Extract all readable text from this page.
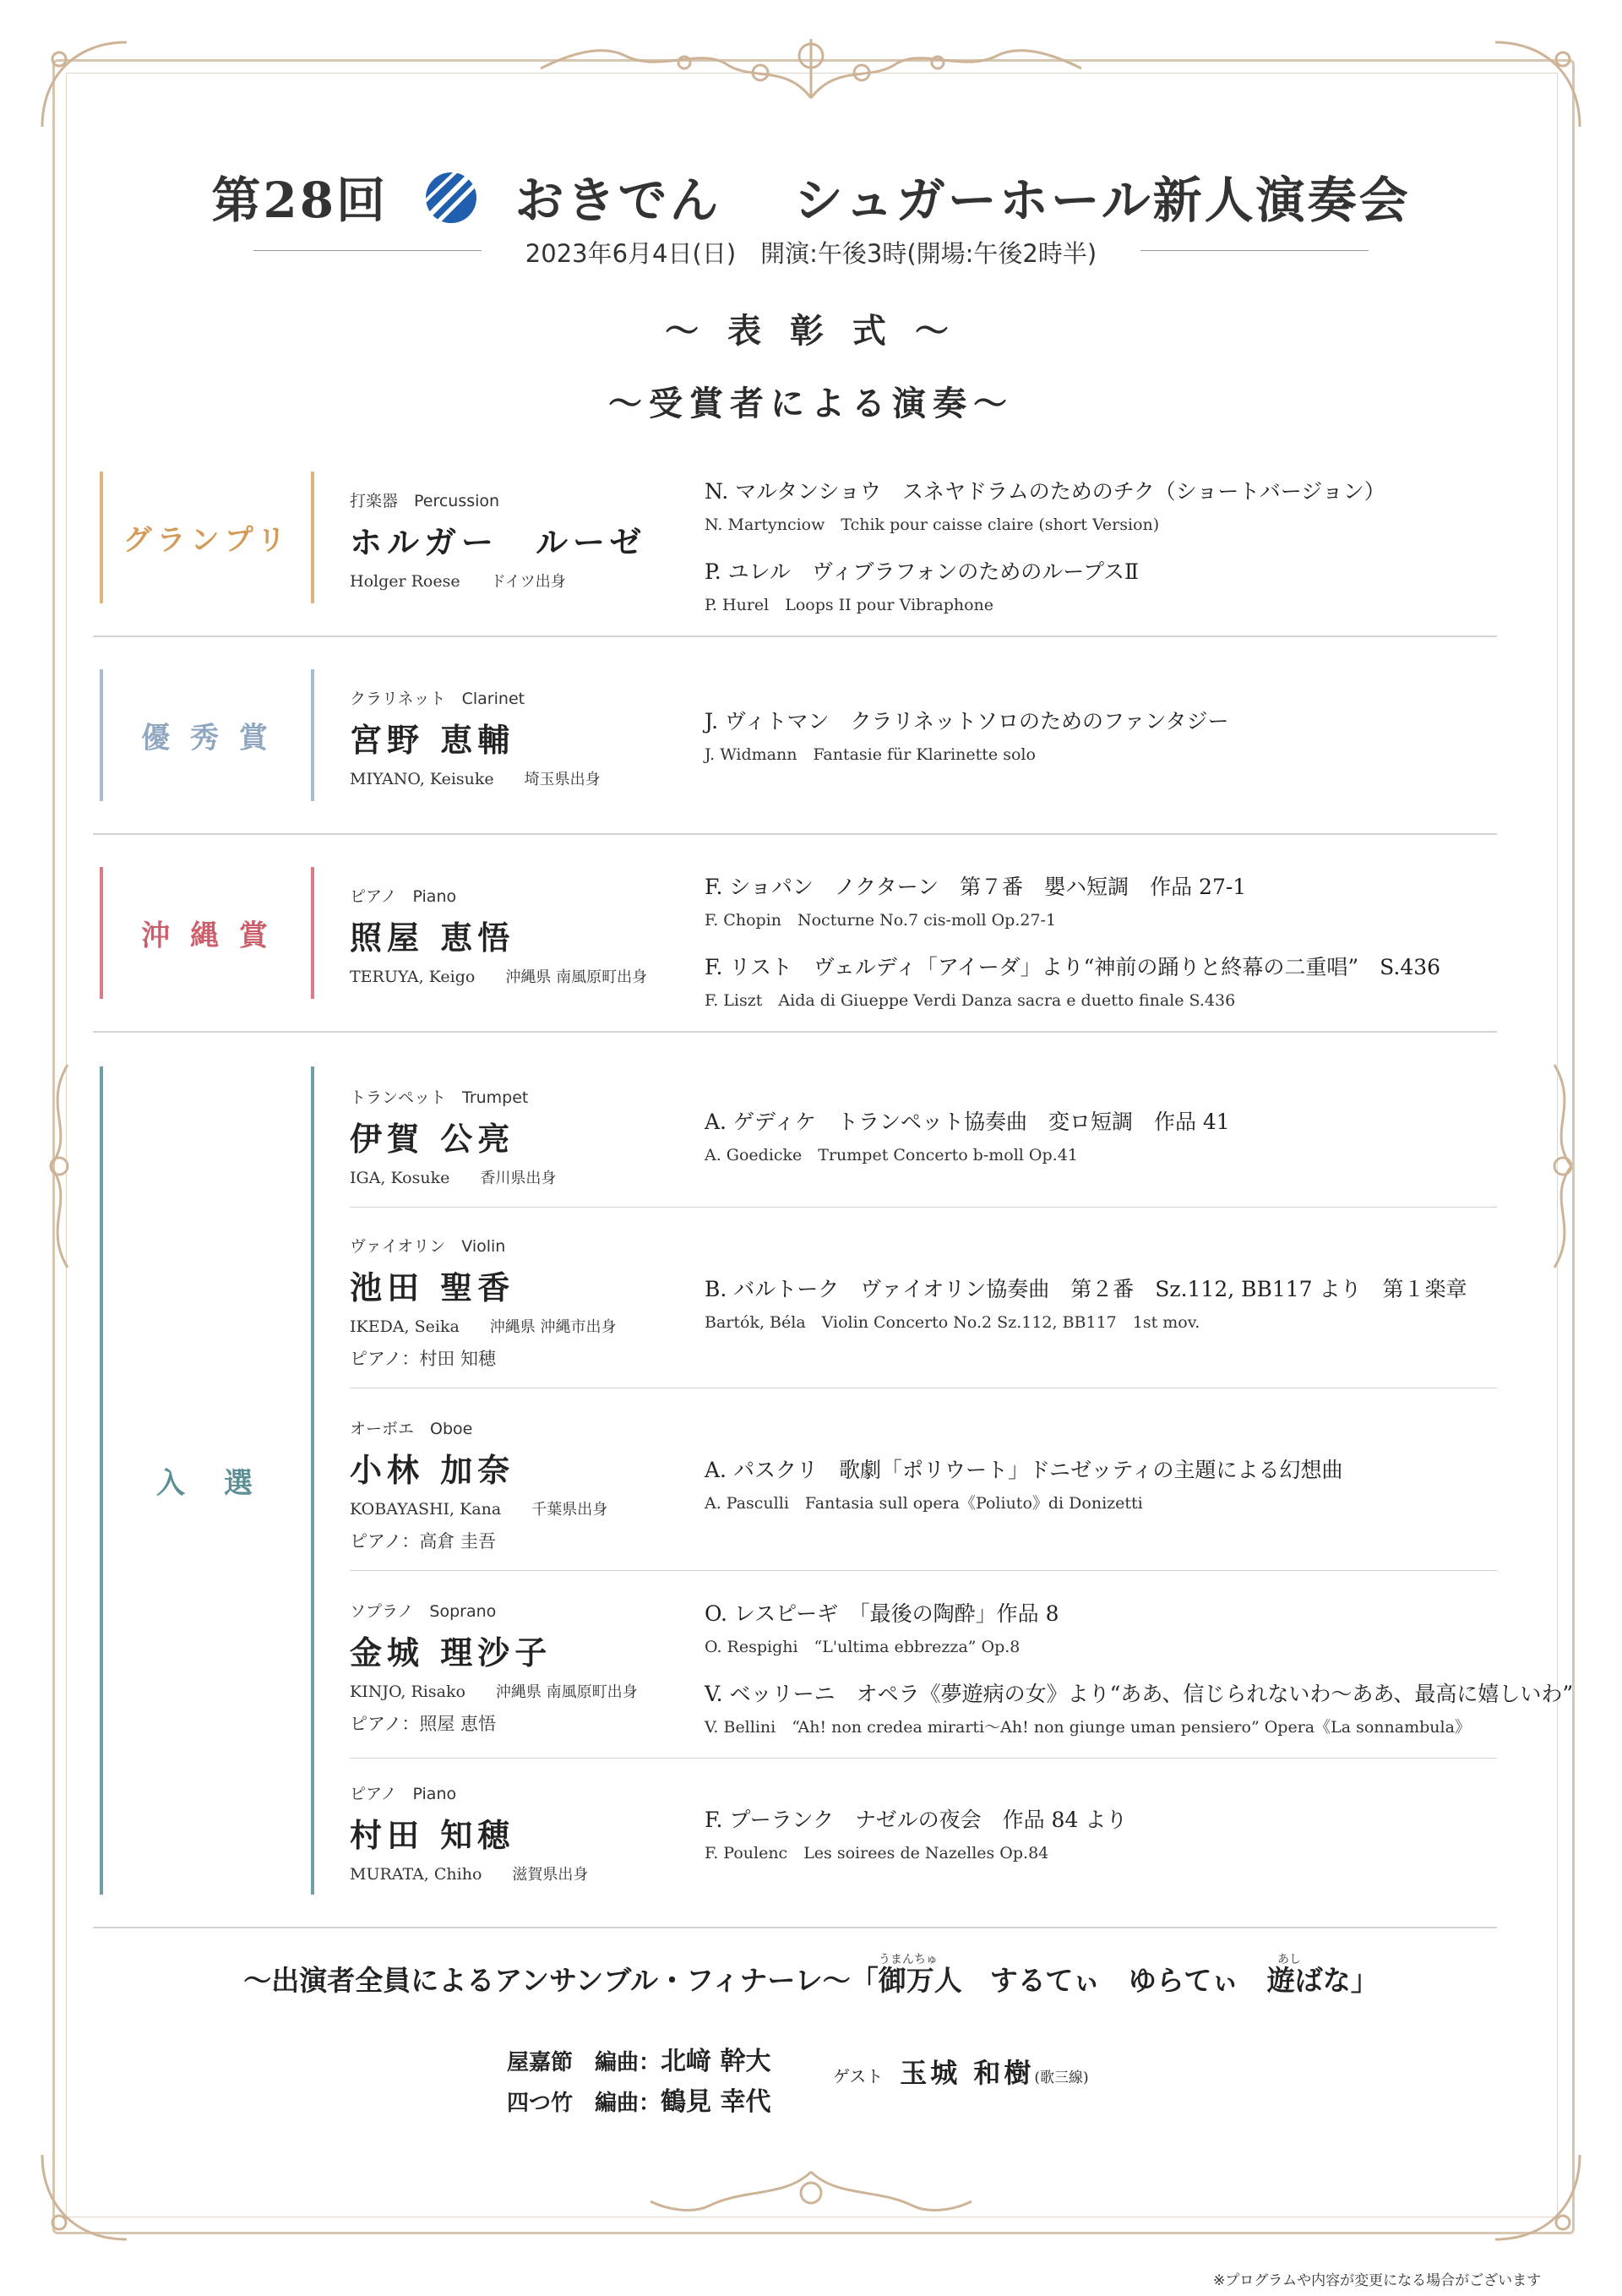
第28回	おきでん シュガーホール新人演奏会
2023年6月4日(日)　開演:午後3時(開場:午後2時半)
〜 表 彰 式 〜
〜受賞者による演奏〜
グランプリ
優 秀 賞
沖 縄 賞
入　選
打楽器　Percussion
ホルガー　ルーゼ
Holger Roese ドイツ出身
N. マルタンショウ　スネヤドラムのためのチク（ショートバージョン）
N. Martynciow　Tchik pour caisse claire (short Version)
P. ユレル　ヴィブラフォンのためのループスⅡ
P. Hurel　Loops II pour Vibraphone
クラリネット　Clarinet
宮野 恵輔
MIYANO, Keisuke 埼玉県出身
J. ヴィトマン　クラリネットソロのためのファンタジー
J. Widmann　Fantasie für Klarinette solo
ピアノ　Piano
照屋 恵悟
TERUYA, Keigo 沖縄県 南風原町出身
F. ショパン　ノクターン　第７番　嬰ハ短調　作品 27-1
F. Chopin　Nocturne No.7 cis-moll Op.27-1
F. リスト　ヴェルディ「アイーダ」より“神前の踊りと終幕の二重唱”　S.436
F. Liszt　Aida di Giueppe Verdi Danza sacra e duetto finale S.436
トランペット　Trumpet
伊賀 公亮
IGA, Kosuke 香川県出身
A. ゲディケ　トランペット協奏曲　変ロ短調　作品 41
A. Goedicke　Trumpet Concerto b-moll Op.41
ヴァイオリン　Violin
池田 聖香
IKEDA, Seika 沖縄県 沖縄市出身
ピアノ：村田 知穂
B. バルトーク　ヴァイオリン協奏曲　第２番　Sz.112, BB117 より　第１楽章
Bartók, Béla　Violin Concerto No.2 Sz.112, BB117　1st mov.
オーボエ　Oboe
小林 加奈
KOBAYASHI, Kana 千葉県出身
ピアノ：高倉 圭吾
A. パスクリ　歌劇「ポリウート」ドニゼッティの主題による幻想曲
A. Pasculli　Fantasia sull opera《Poliuto》di Donizetti
ソプラノ　Soprano
金城 理沙子
KINJO, Risako 沖縄県 南風原町出身
ピアノ：照屋 恵悟
O. レスピーギ　「最後の陶酔」作品 8
O. Respighi　“L'ultima ebbrezza” Op.8
V. ベッリーニ　オペラ《夢遊病の女》より“ああ、信じられないわ〜ああ、最高に嬉しいわ”
V. Bellini　“Ah! non credea mirarti〜Ah! non giunge uman pensiero” Opera《La sonnambula》
ピアノ　Piano
村田 知穂
MURATA, Chiho 滋賀県出身
F. プーランク　ナゼルの夜会　作品 84 より
F. Poulenc　Les soirees de Nazelles Op.84
うまんちゅ	あし
〜出演者全員によるアンサンブル・フィナーレ〜「御万人　するてぃ　ゆらてぃ　遊ばな」
屋嘉節　編曲：北﨑 幹大
四つ竹　編曲：鶴見 幸代
ゲスト 玉城 和樹(歌三線)
※プログラムや内容が変更になる場合がございます
